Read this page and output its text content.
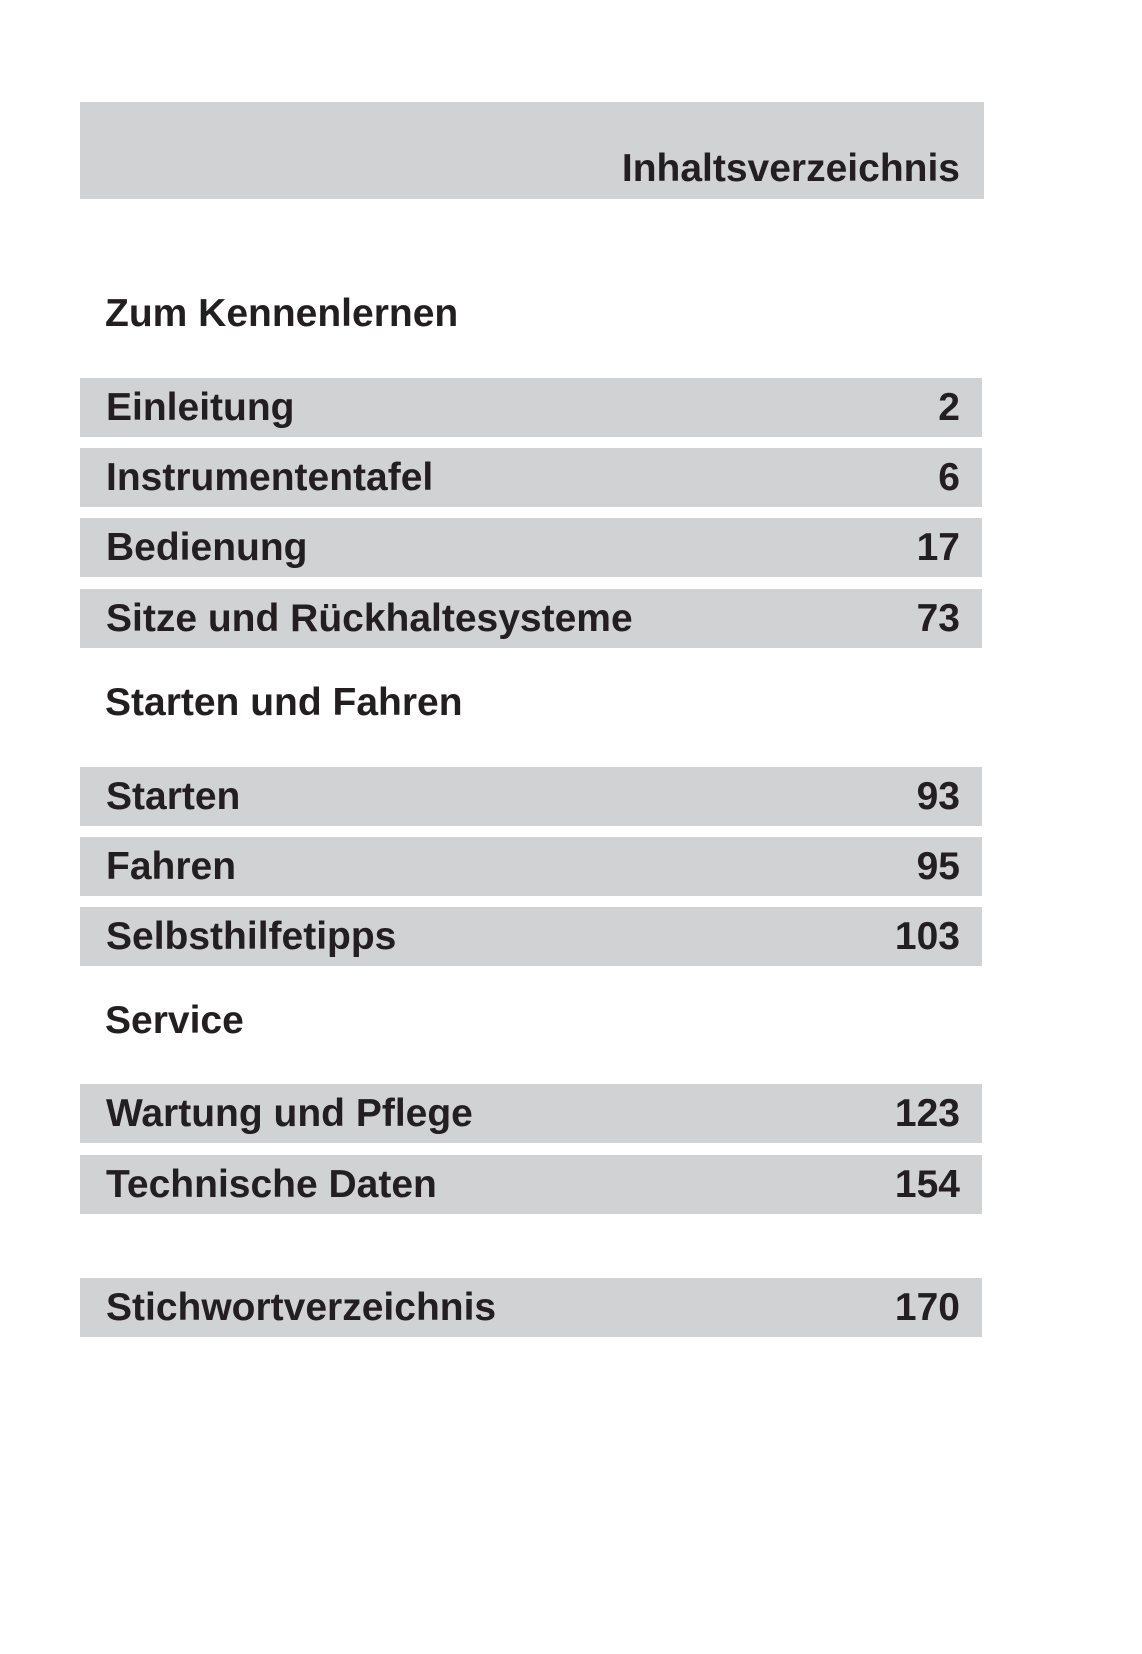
Inhaltsverzeichnis
Zum Kennenlernen
Einleitung	2
Instrumententafel	6
Bedienung	17
Sitze und Rückhaltesysteme	73
Starten und Fahren
Starten	93
Fahren	95
Selbsthilfetipps	103
Service
Wartung und Pflege	123
Technische Daten	154
Stichwortverzeichnis	170
